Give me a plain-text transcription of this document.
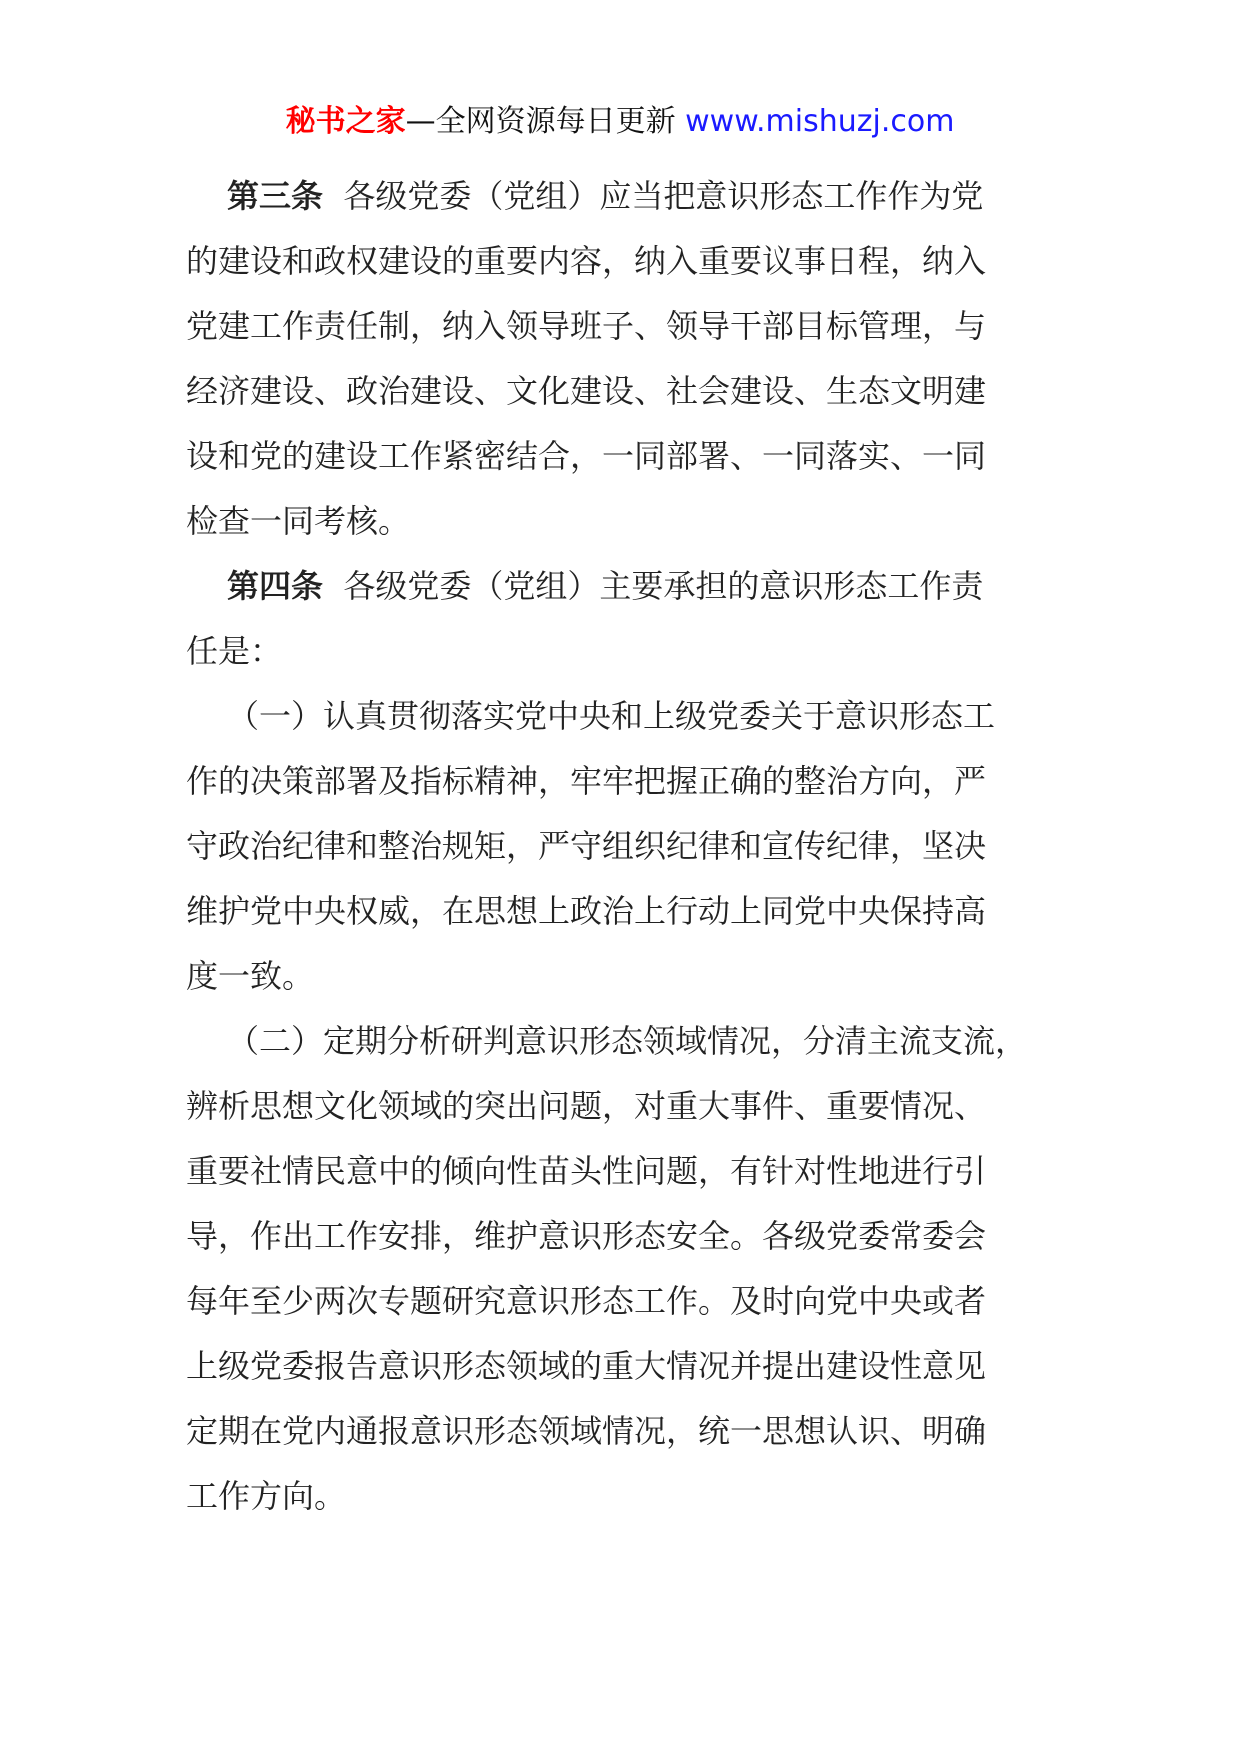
秘书之家—全网资源每日更新 www.mishuzj.com
第三条 各级党委（党组）应当把意识形态工作作为党
的建设和政权建设的重要内容，纳入重要议事日程，纳入
党建工作责任制，纳入领导班子、领导干部目标管理，与
经济建设、政治建设、文化建设、社会建设、生态文明建
设和党的建设工作紧密结合，一同部署、一同落实、一同
检查一同考核。
第四条 各级党委（党组）主要承担的意识形态工作责
任是：
（一）认真贯彻落实党中央和上级党委关于意识形态工
作的决策部署及指标精神，牢牢把握正确的整治方向，严
守政治纪律和整治规矩，严守组织纪律和宣传纪律，坚决
维护党中央权威，在思想上政治上行动上同党中央保持高
度一致。
（二）定期分析研判意识形态领域情况，分清主流支流，
辨析思想文化领域的突出问题，对重大事件、重要情况、
重要社情民意中的倾向性苗头性问题，有针对性地进行引
导，作出工作安排，维护意识形态安全。各级党委常委会
每年至少两次专题研究意识形态工作。及时向党中央或者
上级党委报告意识形态领域的重大情况并提出建设性意见
定期在党内通报意识形态领域情况，统一思想认识、明确
工作方向。
